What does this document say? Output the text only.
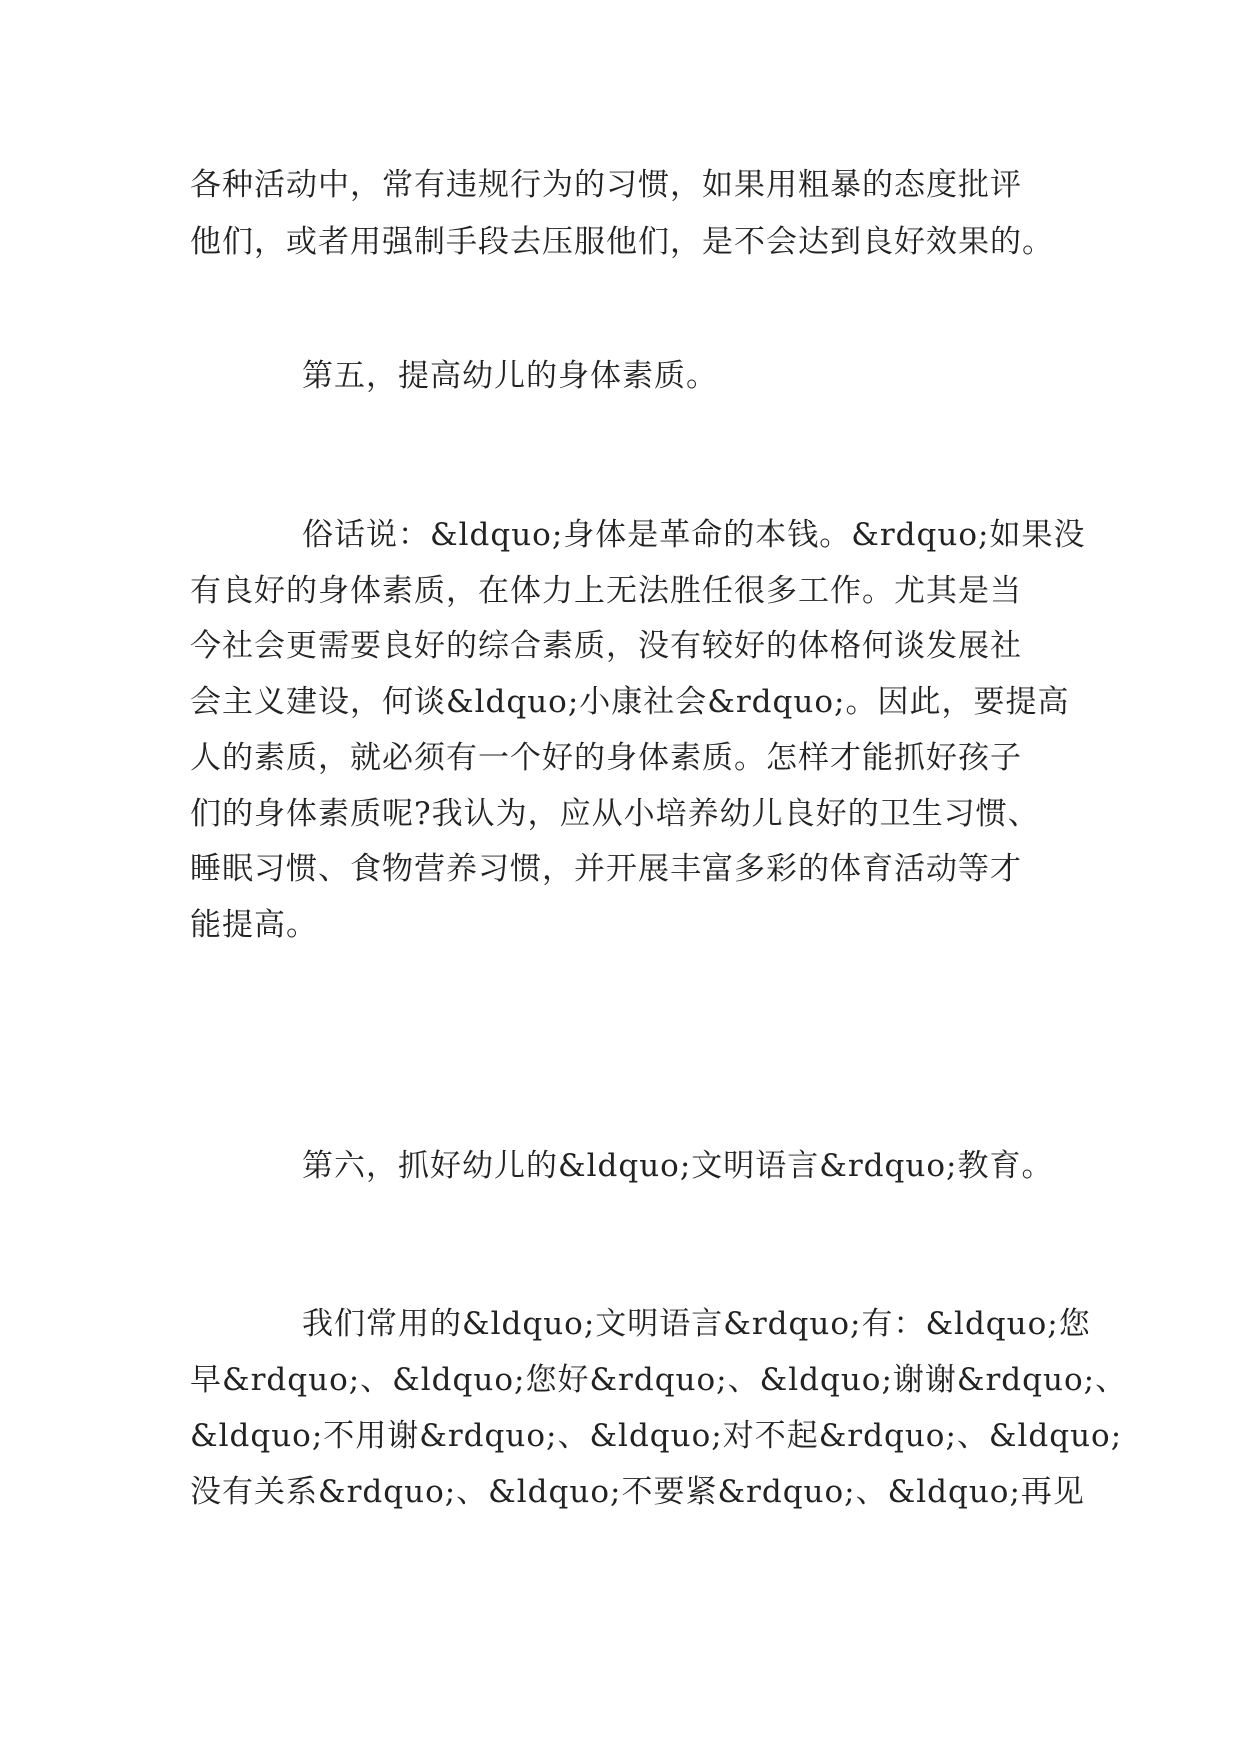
各种活动中，常有违规行为的习惯，如果用粗暴的态度批评
他们，或者用强制手段去压服他们，是不会达到良好效果的。
第五，提高幼儿的身体素质。
俗话说：&ldquo;身体是革命的本钱。&rdquo;如果没
有良好的身体素质，在体力上无法胜任很多工作。尤其是当
今社会更需要良好的综合素质，没有较好的体格何谈发展社
会主义建设，何谈&ldquo;小康社会&rdquo;。因此，要提高
人的素质，就必须有一个好的身体素质。怎样才能抓好孩子
们的身体素质呢?我认为，应从小培养幼儿良好的卫生习惯、
睡眠习惯、食物营养习惯，并开展丰富多彩的体育活动等才
能提高。
第六，抓好幼儿的&ldquo;文明语言&rdquo;教育。
我们常用的&ldquo;文明语言&rdquo;有：&ldquo;您
早&rdquo;、&ldquo;您好&rdquo;、&ldquo;谢谢&rdquo;、
&ldquo;不用谢&rdquo;、&ldquo;对不起&rdquo;、&ldquo;
没有关系&rdquo;、&ldquo;不要紧&rdquo;、&ldquo;再见
